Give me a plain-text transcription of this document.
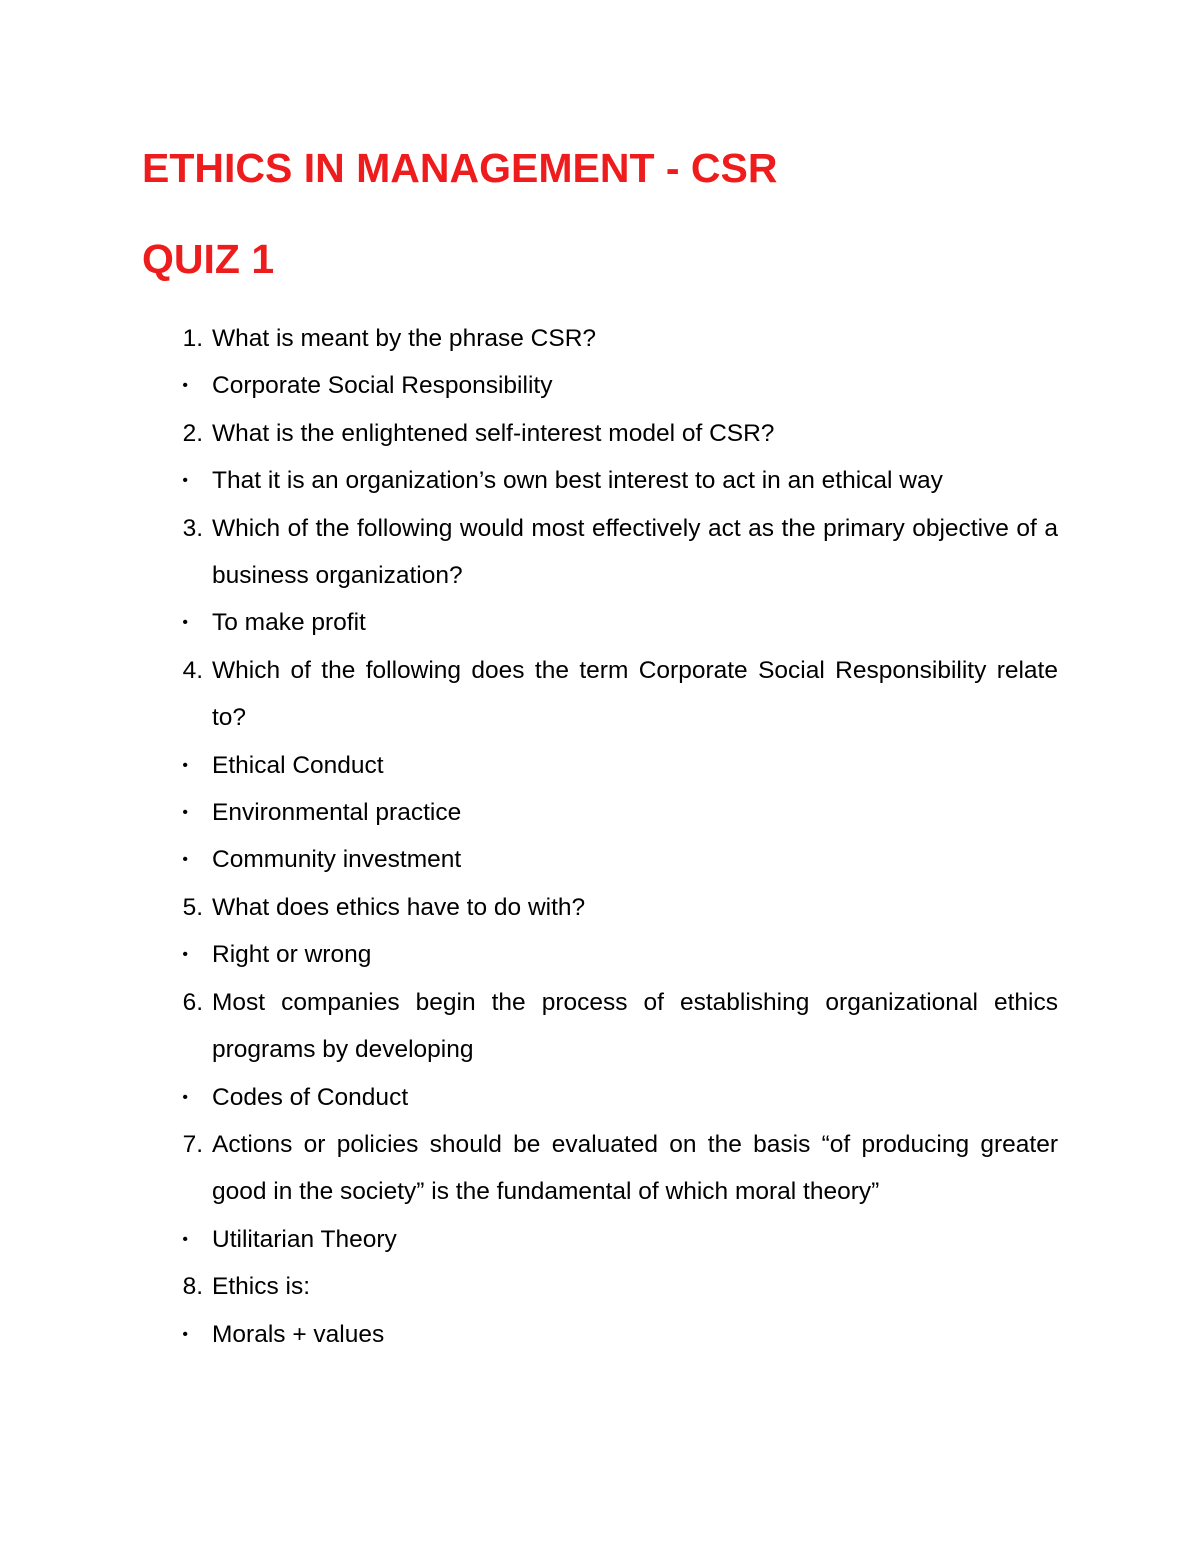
ETHICS IN MANAGEMENT - CSR
QUIZ 1
1. What is meant by the phrase CSR?
• Corporate Social Responsibility
2. What is the enlightened self-interest model of CSR?
• That it is an organization’s own best interest to act in an ethical way
3. Which of the following would most effectively act as the primary objective of a business organization?
• To make profit
4. Which of the following does the term Corporate Social Responsibility relate to?
• Ethical Conduct
• Environmental practice
• Community investment
5. What does ethics have to do with?
• Right or wrong
6. Most companies begin the process of establishing organizational ethics programs by developing
• Codes of Conduct
7. Actions or policies should be evaluated on the basis “of producing greater good in the society” is the fundamental of which moral theory”
• Utilitarian Theory
8. Ethics is:
• Morals + values
